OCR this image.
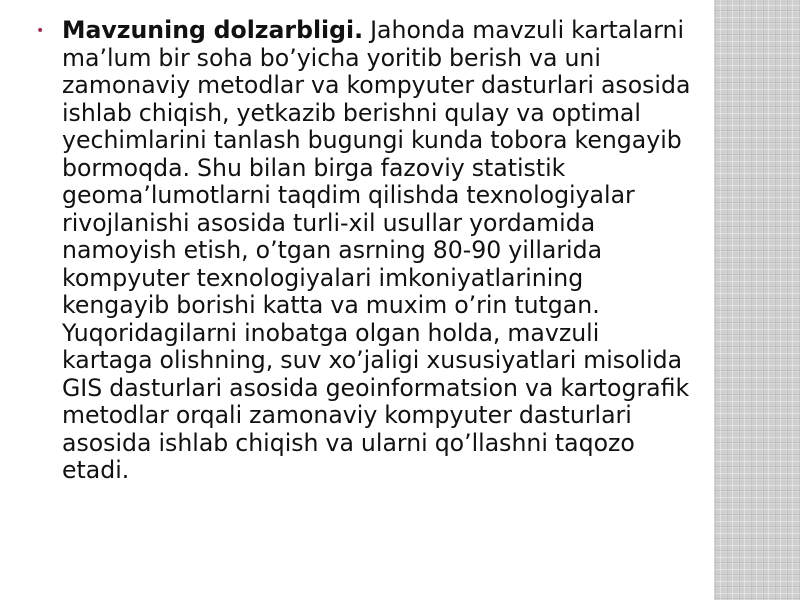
• Mavzuning dolzarbligi. Jahonda mavzuli kartalarni ma’lum bir soha bo’yicha yoritib berish va uni zamonaviy metodlar va kompyuter dasturlari asosida ishlab chiqish, yetkazib berishni qulay va optimal yechimlarini tanlash bugungi kunda tobora kengayib bormoqda. Shu bilan birga fazoviy statistik geoma’lumotlarni taqdim qilishda texnologiyalar rivojlanishi asosida turli-xil usullar yordamida namoyish etish, o’tgan asrning 80-90 yillarida kompyuter texnologiyalari imkoniyatlarining kengayib borishi katta va muxim o’rin tutgan. Yuqoridagilarni inobatga olgan holda, mavzuli kartaga olishning, suv xo’jaligi xususiyatlari misolida GIS dasturlari asosida geoinformatsion va kartografik metodlar orqali zamonaviy kompyuter dasturlari asosida ishlab chiqish va ularni qo’llashni taqozo etadi.
